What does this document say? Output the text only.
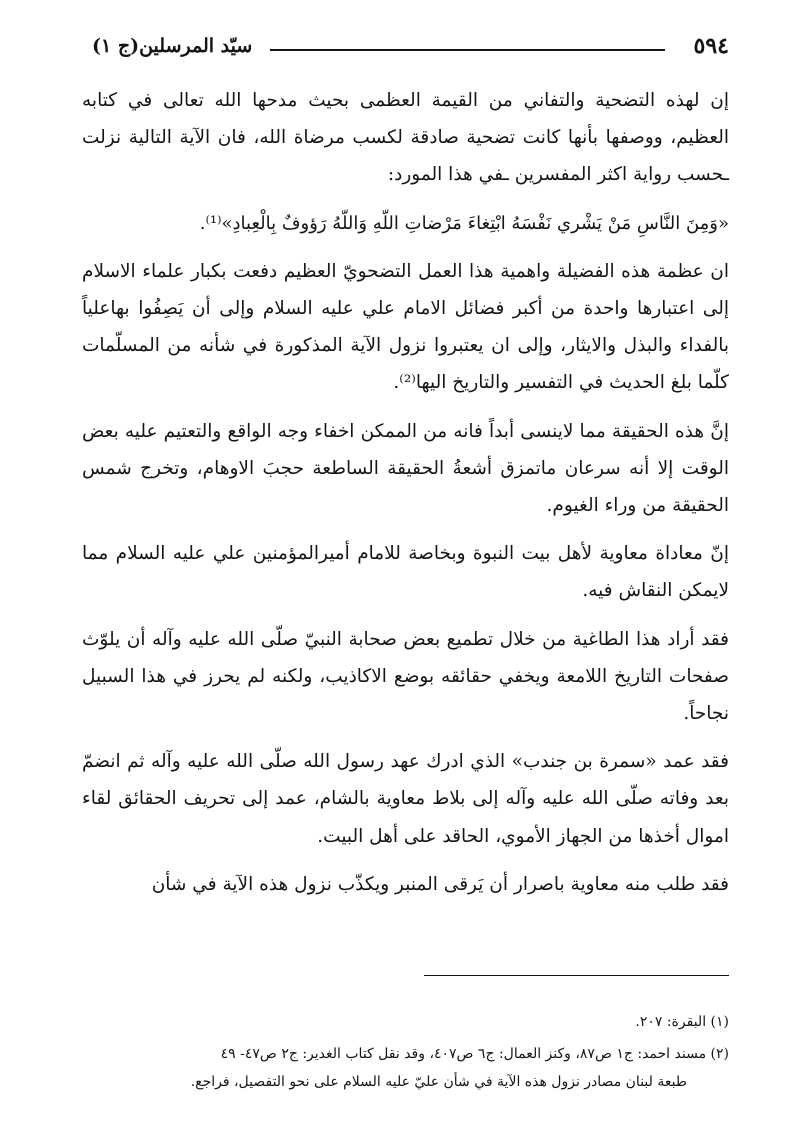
٥٩٤
سيّد المرسلين(ج ١)

إن لهذه التضحية والتفاني من القيمة العظمى بحيث مدحها الله تعالى في كتابه العظيم، ووصفها بأنها كانت تضحية صادقة لكسب مرضاة الله، فان الآية التالية نزلت ـحسب رواية اكثر المفسرين ـفي هذا المورد:

«وَمِنَ النَّاسِ مَنْ يَشْري نَفْسَهُ ابْتِغاءَ مَرْضاتِ اللّهِ وَاللّهُ رَؤوفٌ بِالْعِبادِ»⁽¹⁾.

ان عظمة هذه الفضيلة واهمية هذا العمل التضحويّ العظيم دفعت بكبار علماء الاسلام إلى اعتبارها واحدة من أكبر فضائل الامام علي عليه السلام وإلى أن يَصِفُوا بهاعلياً بالفداء والبذل والايثار، وإلى ان يعتبروا نزول الآية المذكورة في شأنه من المسلّمات كلّما بلغ الحديث في التفسير والتاريخ اليها⁽²⁾.

إنَّ هذه الحقيقة مما لاينسى أبداً فانه من الممكن اخفاء وجه الواقع والتعتيم عليه بعض الوقت إلا أنه سرعان ماتمزق أشعةُ الحقيقة الساطعة حجبَ الاوهام، وتخرج شمس الحقيقة من وراء الغيوم.

إنّ معاداة معاوية لأهل بيت النبوة وبخاصة للامام أميرالمؤمنين علي عليه السلام مما لايمكن النقاش فيه.

فقد أراد هذا الطاغية من خلال تطميع بعض صحابة النبيّ صلّى الله عليه وآله أن يلوّث صفحات التاريخ اللامعة ويخفي حقائقه بوضع الاكاذيب، ولكنه لم يحرز في هذا السبيل نجاحاً.

فقد عمد «سمرة بن جندب» الذي ادرك عهد رسول الله صلّى الله عليه وآله ثم انضمّ بعد وفاته صلّى الله عليه وآله إلى بلاط معاوية بالشام، عمد إلى تحريف الحقائق لقاء اموال أخذها من الجهاز الأموي، الحاقد على أهل البيت.

فقد طلب منه معاوية باصرار أن يَرقى المنبر ويكذّب نزول هذه الآية في شأن

(١) البقرة: ٢٠٧.

(٢) مسند احمد: ج١ ص٨٧، وكنز العمال: ج٦ ص٤٠٧، وقد نقل كتاب الغدير: ج٢ ص٤٧- ٤٩

طبعة لبنان مصادر نزول هذه الآية في شأن عليّ عليه السلام على نحو التفصيل، فراجع.
